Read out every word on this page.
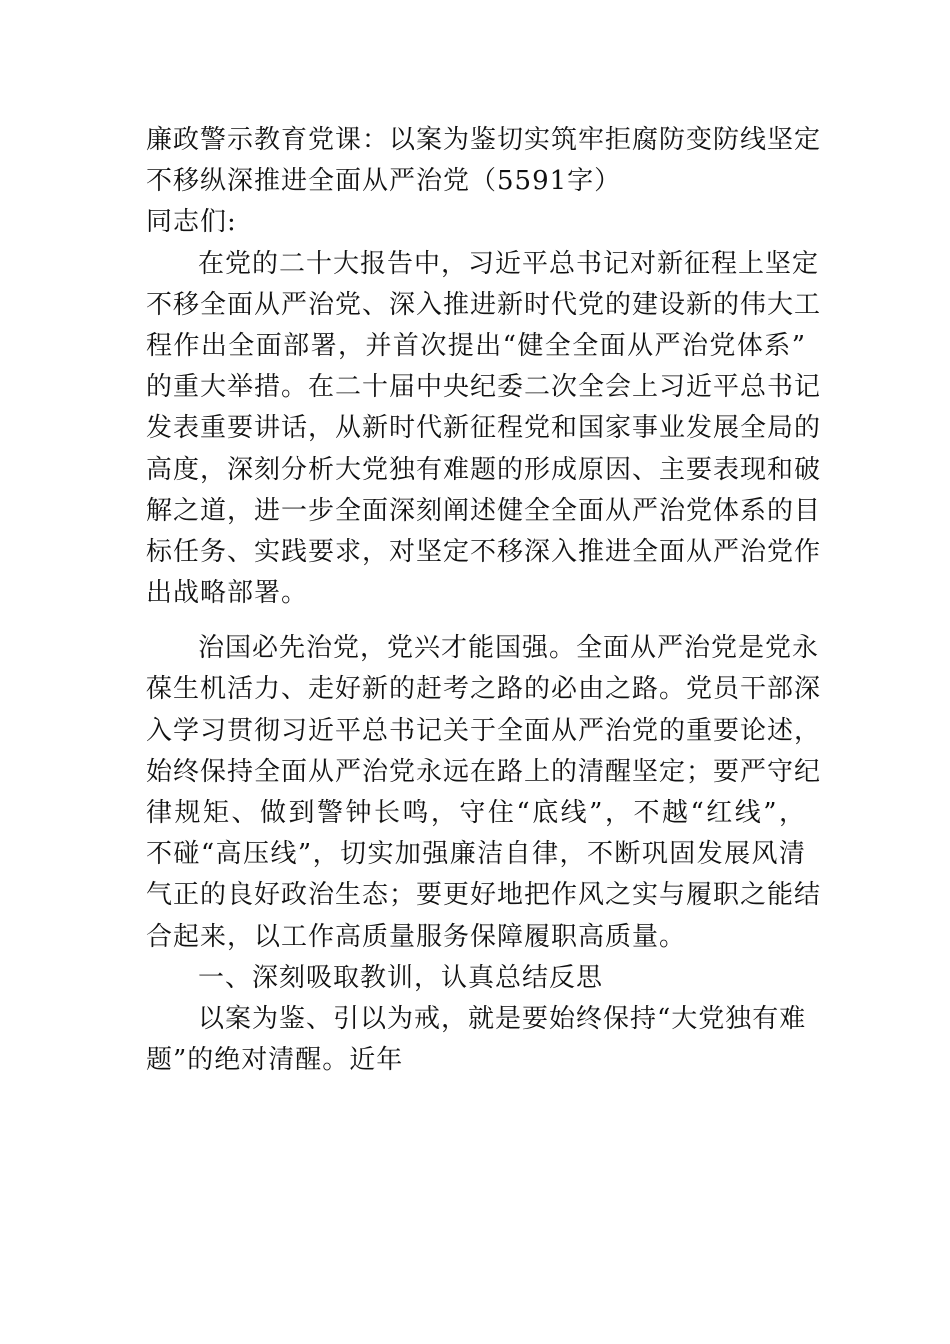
廉政警示教育党课：以案为鉴切实筑牢拒腐防变防线坚定
不移纵深推进全面从严治党（5591字）
同志们:
在党的二十大报告中，习近平总书记对新征程上坚定
不移全面从严治党、深入推进新时代党的建设新的伟大工
程作出全面部署，并首次提出“健全全面从严治党体系”
的重大举措。在二十届中央纪委二次全会上习近平总书记
发表重要讲话，从新时代新征程党和国家事业发展全局的
高度，深刻分析大党独有难题的形成原因、主要表现和破
解之道，进一步全面深刻阐述健全全面从严治党体系的目
标任务、实践要求，对坚定不移深入推进全面从严治党作
出战略部署。
治国必先治党，党兴才能国强。全面从严治党是党永
葆生机活力、走好新的赶考之路的必由之路。党员干部深
入学习贯彻习近平总书记关于全面从严治党的重要论述，
始终保持全面从严治党永远在路上的清醒坚定；要严守纪
律规矩、做到警钟长鸣，守住“底线”，不越“红线”，
不碰“高压线”，切实加强廉洁自律，不断巩固发展风清
气正的良好政治生态；要更好地把作风之实与履职之能结
合起来，以工作高质量服务保障履职高质量。
一、深刻吸取教训，认真总结反思
以案为鉴、引以为戒，就是要始终保持“大党独有难
题”的绝对清醒。近年
